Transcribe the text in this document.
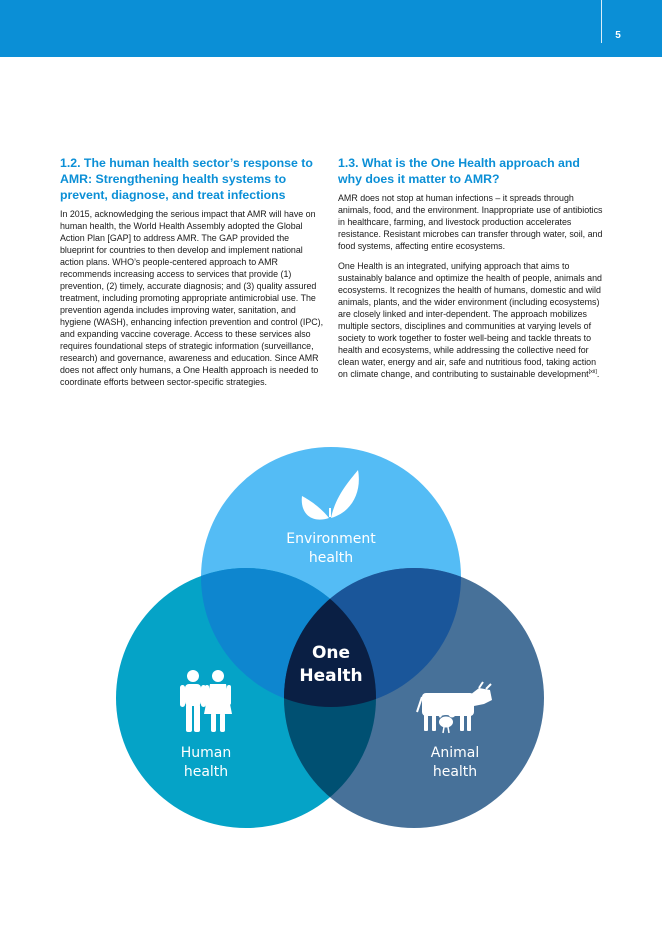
5
1.2. The human health sector’s response to AMR: Strengthening health systems to prevent, diagnose, and treat infections

In 2015, acknowledging the serious impact that AMR will have on human health, the World Health Assembly adopted the Global Action Plan [GAP] to address AMR. The GAP provided the blueprint for countries to then develop and implement national action plans. WHO’s people-centered approach to AMR recommends increasing access to services that provide (1) prevention, (2) timely, accurate diagnosis; and (3) quality assured treatment, including promoting appropriate antimicrobial use. The prevention agenda includes improving water, sanitation, and hygiene (WASH), enhancing infection prevention and control (IPC), and expanding vaccine coverage. Access to these services also requires foundational steps of strategic information (surveillance, research) and governance, awareness and education. Since AMR does not affect only humans, a One Health approach is needed to coordinate efforts between sector-specific strategies.

1.3. What is the One Health approach and why does it matter to AMR?

AMR does not stop at human infections – it spreads through animals, food, and the environment. Inappropriate use of antibiotics in healthcare, farming, and livestock production accelerates resistance. Resistant microbes can transfer through water, soil, and food systems, affecting entire ecosystems.

One Health is an integrated, unifying approach that aims to sustainably balance and optimize the health of people, animals and ecosystems. It recognizes the health of humans, domestic and wild animals, plants, and the wider environment (including ecosystems) are closely linked and inter-dependent. The approach mobilizes multiple sectors, disciplines and communities at varying levels of society to work together to foster well-being and tackle threats to health and ecosystems, while addressing the collective need for clean water, energy and air, safe and nutritious food, taking action on climate change, and contributing to sustainable development[xii].

Environment
health
One
Health
Human
health
Animal
health
